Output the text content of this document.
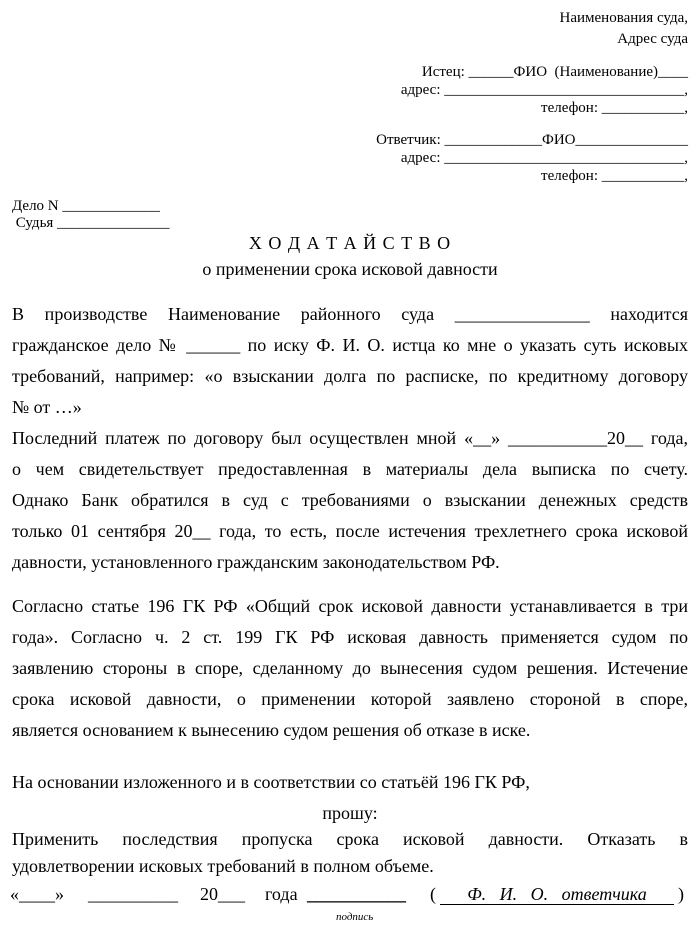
Наименования суда,
Адрес суда
Истец: ______ФИО  (Наименование)____
адрес: ________________________________,
телефон: ___________,
Ответчик: _____________ФИО_______________
адрес: ________________________________,
телефон: ___________,
Дело N _____________
Судья _______________
Х О Д А Т А Й С Т В О
о применении срока исковой давности
В производстве Наименование районного суда _______________ находится
гражданское дело № ______ по иску Ф. И. О. истца ко мне о указать суть исковых
требований, например: «о взыскании долга по расписке, по кредитному договору
№ от …»
Последний платеж по договору был осуществлен мной «__» ___________20__ года,
о чем свидетельствует предоставленная в материалы дела выписка по счету.
Однако Банк обратился в суд с требованиями о взыскании денежных средств
только 01 сентября 20__ года, то есть, после истечения трехлетнего срока исковой
давности, установленного гражданским законодательством РФ.
Согласно статье 196 ГК РФ «Общий срок исковой давности устанавливается в три
года». Согласно ч. 2 ст. 199 ГК РФ исковая давность применяется судом по
заявлению стороны в споре, сделанному до вынесения судом решения. Истечение
срока исковой давности, о применении которой заявлено стороной в споре,
является основанием к вынесению судом решения об отказе в иске.
На основании изложенного и в соответствии со статьёй 196 ГК РФ,
прошу:
Применить последствия пропуска срока исковой давности. Отказать в
удовлетворении исковых требований в полном объеме.
«____» __________ 20___ года ___________ (	Ф.   И.   О.   ответчика	)
подпись
